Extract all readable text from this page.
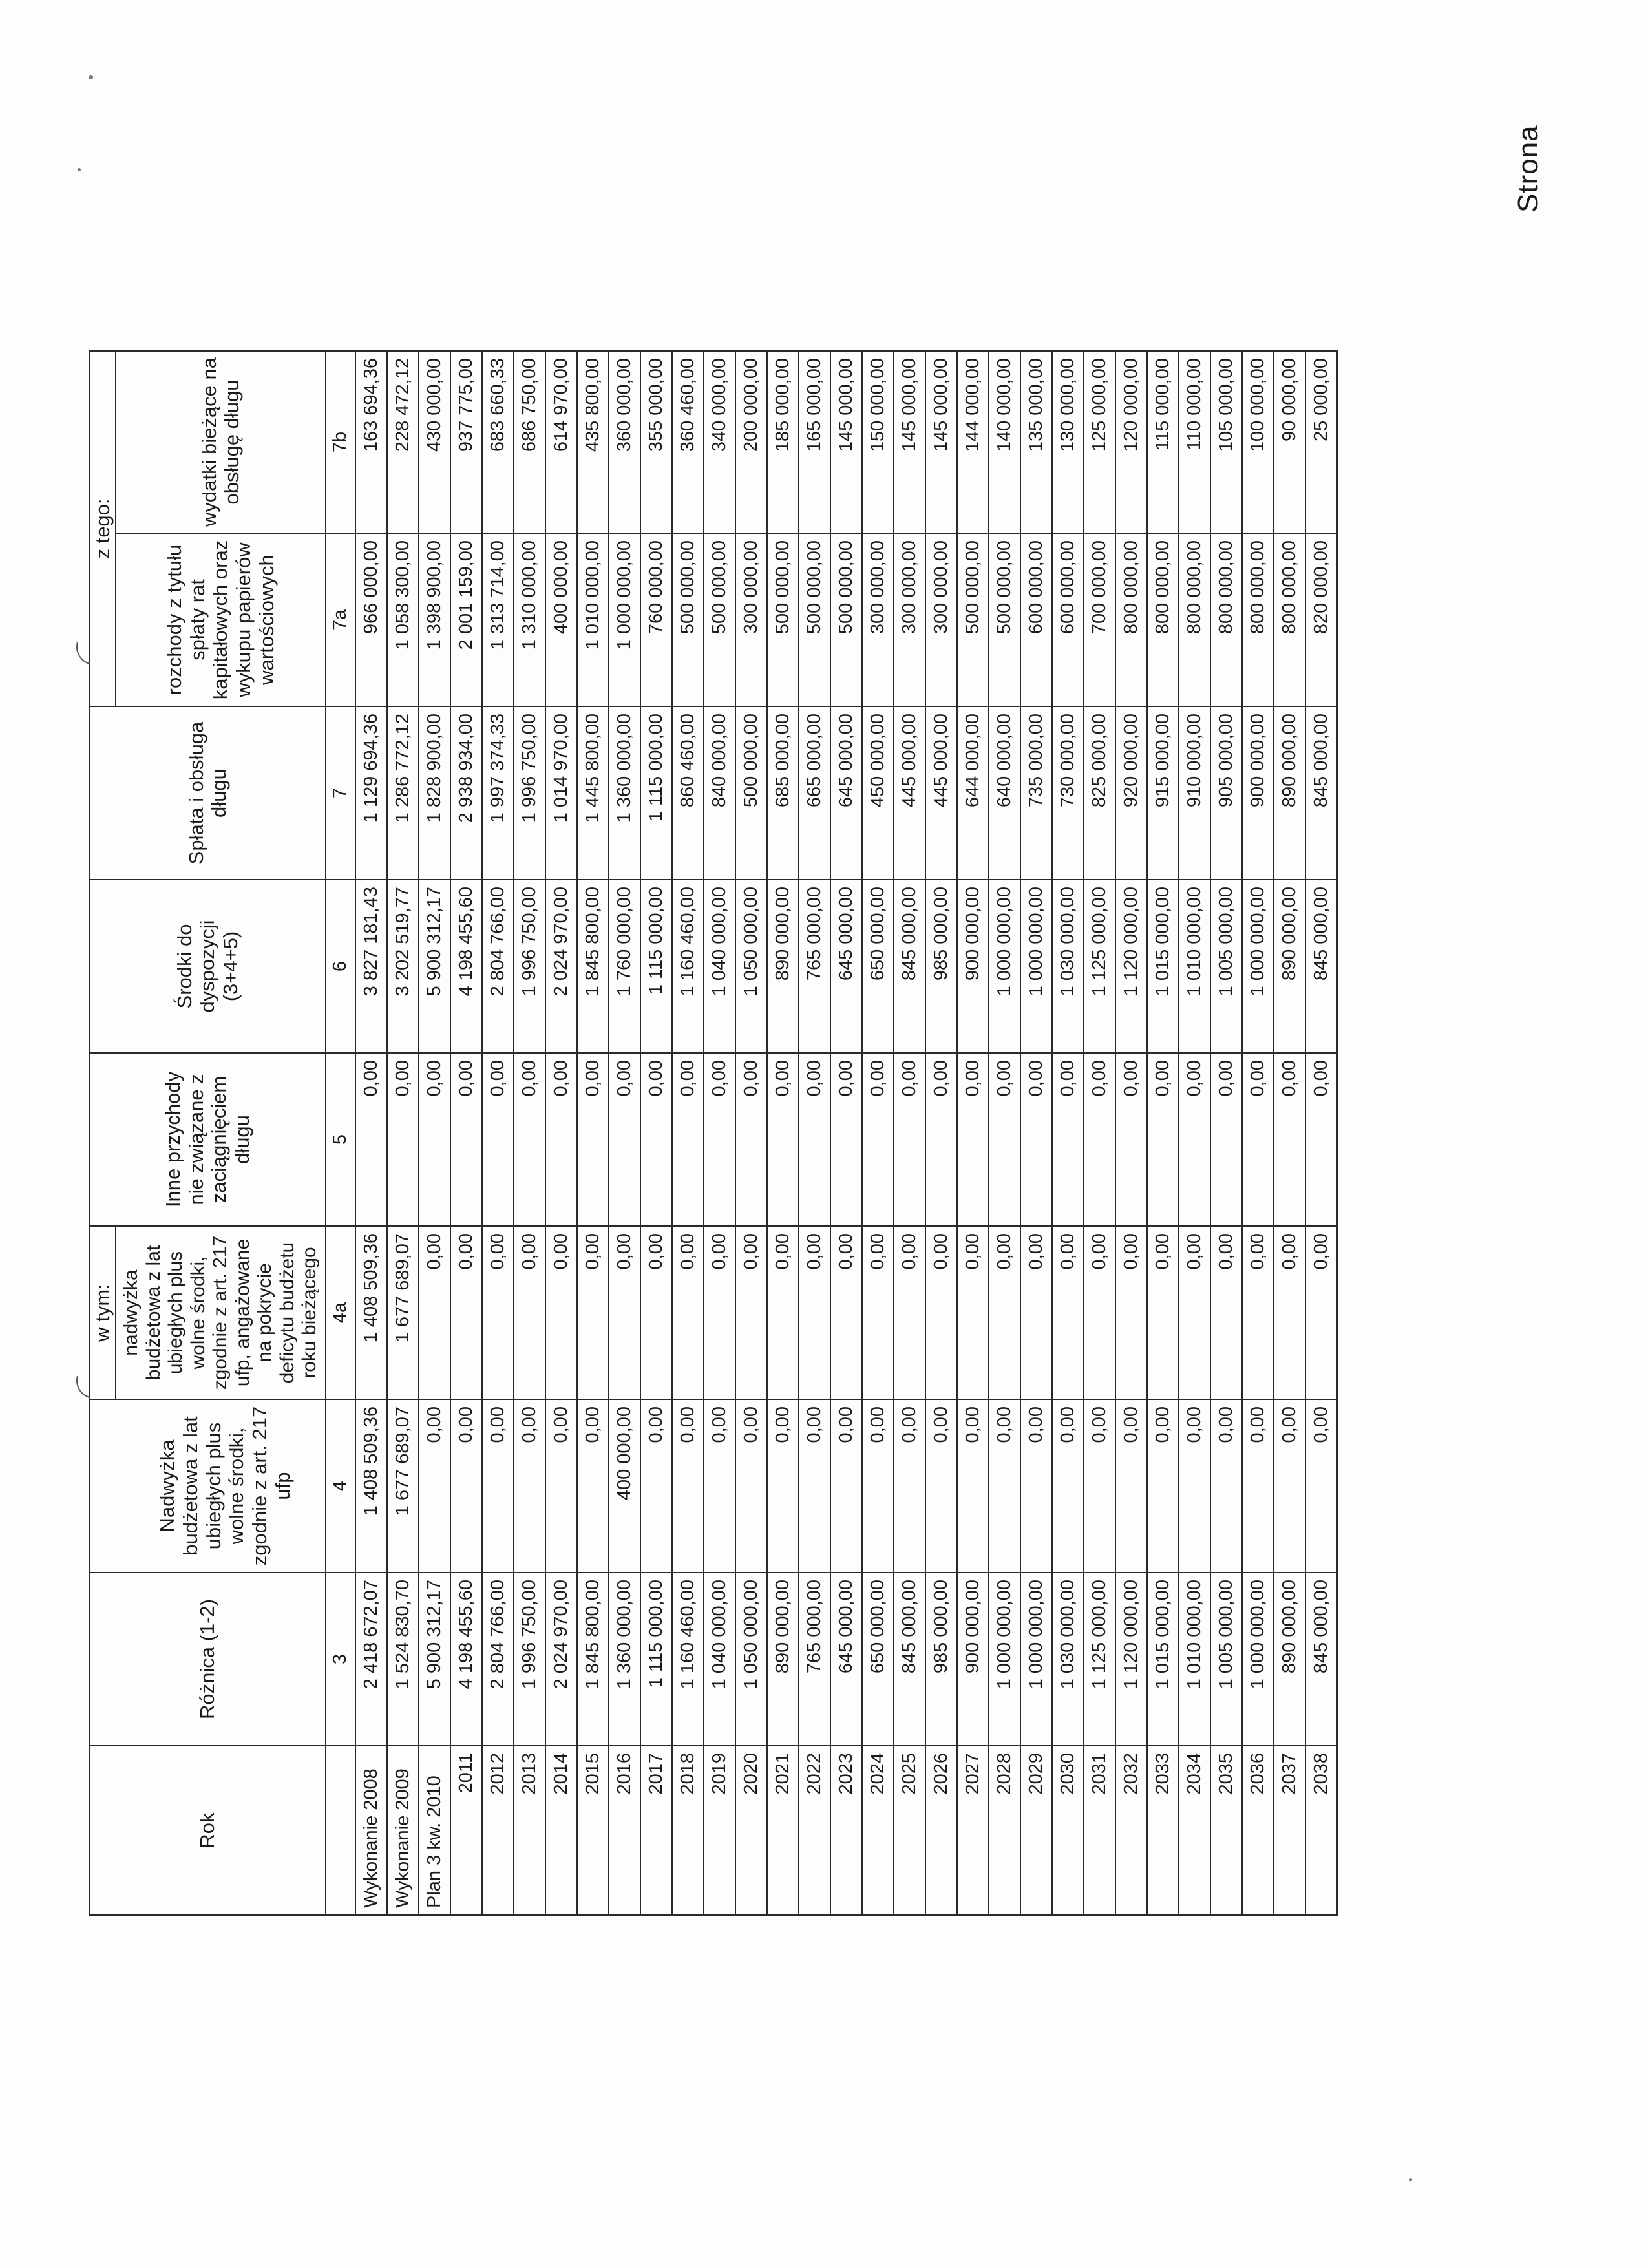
Rok	Różnica (1-2)	Nadwyżka budżetowa z lat ubiegłych plus wolne środki, zgodnie z art. 217 ufp	w tym:	Inne przychody nie związane z zaciągnięciem długu	Środki do dyspozycji (3+4+5)	Spłata i obsługa długu	z tego:	
			nadwyżka budżetowa z lat ubiegłych plus wolne środki, zgodnie z art. 217 ufp, angażowane na pokrycie deficytu budżetu roku bieżącego				rozchody z tytułu spłaty rat kapitałowych oraz wykupu papierów wartościowych	wydatki bieżące na obsługę długu
	3	4	4a	5	6	7	7a	7b
Wykonanie 2008	2 418 672,07	1 408 509,36	1 408 509,36	0,00	3 827 181,43	1 129 694,36	966 000,00	163 694,36
Wykonanie 2009	1 524 830,70	1 677 689,07	1 677 689,07	0,00	3 202 519,77	1 286 772,12	1 058 300,00	228 472,12
Plan 3 kw. 2010	5 900 312,17	0,00	0,00	0,00	5 900 312,17	1 828 900,00	1 398 900,00	430 000,00
2011	4 198 455,60	0,00	0,00	0,00	4 198 455,60	2 938 934,00	2 001 159,00	937 775,00
2012	2 804 766,00	0,00	0,00	0,00	2 804 766,00	1 997 374,33	1 313 714,00	683 660,33
2013	1 996 750,00	0,00	0,00	0,00	1 996 750,00	1 996 750,00	1 310 000,00	686 750,00
2014	2 024 970,00	0,00	0,00	0,00	2 024 970,00	1 014 970,00	400 000,00	614 970,00
2015	1 845 800,00	0,00	0,00	0,00	1 845 800,00	1 445 800,00	1 010 000,00	435 800,00
2016	1 360 000,00	400 000,00	0,00	0,00	1 760 000,00	1 360 000,00	1 000 000,00	360 000,00
2017	1 115 000,00	0,00	0,00	0,00	1 115 000,00	1 115 000,00	760 000,00	355 000,00
2018	1 160 460,00	0,00	0,00	0,00	1 160 460,00	860 460,00	500 000,00	360 460,00
2019	1 040 000,00	0,00	0,00	0,00	1 040 000,00	840 000,00	500 000,00	340 000,00
2020	1 050 000,00	0,00	0,00	0,00	1 050 000,00	500 000,00	300 000,00	200 000,00
2021	890 000,00	0,00	0,00	0,00	890 000,00	685 000,00	500 000,00	185 000,00
2022	765 000,00	0,00	0,00	0,00	765 000,00	665 000,00	500 000,00	165 000,00
2023	645 000,00	0,00	0,00	0,00	645 000,00	645 000,00	500 000,00	145 000,00
2024	650 000,00	0,00	0,00	0,00	650 000,00	450 000,00	300 000,00	150 000,00
2025	845 000,00	0,00	0,00	0,00	845 000,00	445 000,00	300 000,00	145 000,00
2026	985 000,00	0,00	0,00	0,00	985 000,00	445 000,00	300 000,00	145 000,00
2027	900 000,00	0,00	0,00	0,00	900 000,00	644 000,00	500 000,00	144 000,00
2028	1 000 000,00	0,00	0,00	0,00	1 000 000,00	640 000,00	500 000,00	140 000,00
2029	1 000 000,00	0,00	0,00	0,00	1 000 000,00	735 000,00	600 000,00	135 000,00
2030	1 030 000,00	0,00	0,00	0,00	1 030 000,00	730 000,00	600 000,00	130 000,00
2031	1 125 000,00	0,00	0,00	0,00	1 125 000,00	825 000,00	700 000,00	125 000,00
2032	1 120 000,00	0,00	0,00	0,00	1 120 000,00	920 000,00	800 000,00	120 000,00
2033	1 015 000,00	0,00	0,00	0,00	1 015 000,00	915 000,00	800 000,00	115 000,00
2034	1 010 000,00	0,00	0,00	0,00	1 010 000,00	910 000,00	800 000,00	110 000,00
2035	1 005 000,00	0,00	0,00	0,00	1 005 000,00	905 000,00	800 000,00	105 000,00
2036	1 000 000,00	0,00	0,00	0,00	1 000 000,00	900 000,00	800 000,00	100 000,00
2037	890 000,00	0,00	0,00	0,00	890 000,00	890 000,00	800 000,00	90 000,00
2038	845 000,00	0,00	0,00	0,00	845 000,00	845 000,00	820 000,00	25 000,00
Strona
